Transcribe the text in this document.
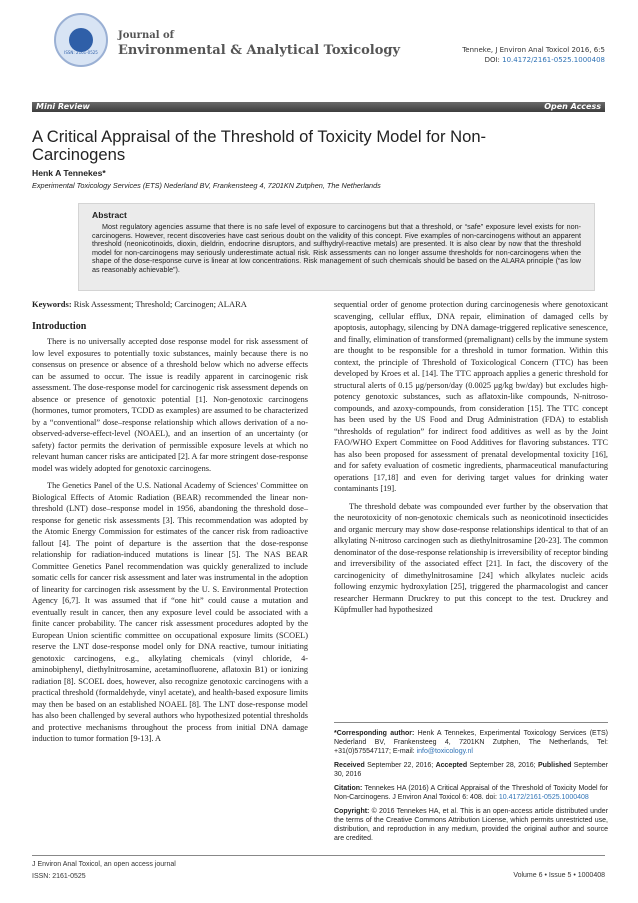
ISSN: 2161-0525
Journal of
Environmental & Analytical Toxicology	Tenneke, J Environ Anal Toxicol 2016, 6:5
DOI: 10.4172/2161-0525.1000408
Mini Review	Open Access
A Critical Appraisal of the Threshold of Toxicity Model for Non-Carcinogens
Henk A Tennekes*
Experimental Toxicology Services (ETS) Nederland BV, Frankensteeg 4, 7201KN Zutphen, The Netherlands
Abstract

Most regulatory agencies assume that there is no safe level of exposure to carcinogens but that a threshold, or “safe” exposure level exists for non-carcinogens. However, recent discoveries have cast serious doubt on the validity of this concept. Five examples of non-carcinogens without an apparent threshold (neonicotinoids, dioxin, dieldrin, endocrine disruptors, and sulfhydryl-reactive metals) are presented. It is also clear by now that the threshold model for non-carcinogens may seriously underestimate actual risk. Risk assessments can no longer assume thresholds for non-carcinogens when the shape of the dose-response curve is linear at low concentrations. Risk management of such chemicals should be based on the ALARA principle (“as low as reasonably achievable”).

Keywords: Risk Assessment; Threshold; Carcinogen; ALARA
Introduction

There is no universally accepted dose response model for risk assessment of low level exposures to potentially toxic substances, mainly because there is no consensus on presence or absence of a threshold below which no adverse effects can be assumed to occur. The issue is readily apparent in carcinogenic risk assessment. The dose-response model for carcinogenic risk assessment depends on absence or presence of genotoxic potential [1]. Non-genotoxic carcinogens (hormones, tumor promoters, TCDD as examples) are assumed to be characterized by a “conventional” dose–response relationship which allows derivation of a no-observed-adverse-effect-level (NOAEL), and an insertion of an uncertainty (or safety) factor permits the derivation of permissible exposure levels at which no relevant human cancer risks are anticipated [2]. A far more stringent dose-response model was widely adopted for genotoxic carcinogens.

The Genetics Panel of the U.S. National Academy of Sciences' Committee on Biological Effects of Atomic Radiation (BEAR) recommended the linear non-threshold (LNT) dose–response model in 1956, abandoning the threshold dose–response for genetic risk assessments [3]. This recommendation was adopted by the Atomic Energy Commission for estimates of the cancer risk from radioactive fallout [4]. The point of departure is the assertion that the dose-response relationship for radiation-induced mutations is linear [5]. The NAS BEAR Committee Genetics Panel recommendation was quickly generalized to include somatic cells for cancer risk assessment and later was instrumental in the adoption of linearity for carcinogen risk assessment by the U. S. Environmental Protection Agency [6,7]. It was assumed that if “one hit” could cause a mutation and eventually result in cancer, then any exposure level could be associated with a finite cancer probability. The cancer risk assessment procedures adopted by the European Union scientific committee on occupational exposure limits (SCOEL) reserve the LNT dose-response model only for DNA reactive, tumour initiating genotoxic carcinogens, e.g., alkylating chemicals (vinyl chloride, 4-aminobiphenyl, diethylnitrosamine, acetaminofluorene, aflatoxin B1) or ionizing radiation [8]. SCOEL does, however, also recognize genotoxic carcinogens with a practical threshold (formaldehyde, vinyl acetate), and health-based exposure limits may then be based on an established NOAEL [8]. The LNT dose-response model has also been challenged by several authors who hypothesized potential thresholds and protective mechanisms throughout the process from initial DNA damage induction to tumor formation [9-13]. A

sequential order of genome protection during carcinogenesis where genotoxicant scavenging, cellular efflux, DNA repair, elimination of damaged cells by apoptosis, autophagy, silencing by DNA damage-triggered replicative senescence, and finally, elimination of transformed (premalignant) cells by the immune system are thought to be responsible for a threshold in tumor formation. Within this context, the principle of Threshold of Toxicological Concern (TTC) has been developed by Kroes et al. [14]. The TTC approach applies a generic threshold for structural alerts of 0.15 μg/person/day (0.0025 μg/kg bw/day) but excludes high-potency genotoxic substances, such as aflatoxin-like compounds, N-nitroso-compounds, and azoxy-compounds, from consideration [15]. The TTC concept has been used by the US Food and Drug Administration (FDA) to establish “thresholds of regulation” for indirect food additives as well as by the Joint FAO/WHO Expert Committee on Food Additives for flavoring substances. TTC has also been proposed for assessment of prenatal developmental toxicity [16], and for safety evaluation of cosmetic ingredients, pharmaceutical manufacturing operations [17,18] and even for deriving target values for drinking water contaminants [19].

The threshold debate was compounded ever further by the observation that the neurotoxicity of non-genotoxic chemicals such as neonicotinoid insecticides and organic mercury may show dose-response relationships identical to that of an alkylating N-nitroso carcinogen such as diethylnitrosamine [20-23]. The common denominator of the dose-response relationship is irreversibility of receptor binding and irreversibility of the associated effect [21]. In fact, the discovery of the carcinogenicity of dimethylnitrosamine [24] which alkylates nucleic acids following enzymic hydroxylation [25], triggered the pharmacologist and cancer researcher Hermann Druckrey to put this concept to the test. Druckrey and Küpfmuller had hypothesized

*Corresponding author: Henk A Tennekes, Experimental Toxicology Services (ETS) Nederland BV, Frankensteeg 4, 7201KN Zutphen, The Netherlands, Tel: +31(0)575547117; E-mail: info@toxicology.nl

Received September 22, 2016; Accepted September 28, 2016; Published September 30, 2016

Citation: Tennekes HA (2016) A Critical Appraisal of the Threshold of Toxicity Model for Non-Carcinogens. J Environ Anal Toxicol 6: 408. doi: 10.4172/2161-0525.1000408

Copyright: © 2016 Tennekes HA, et al. This is an open-access article distributed under the terms of the Creative Commons Attribution License, which permits unrestricted use, distribution, and reproduction in any medium, provided the original author and source are credited.

J Environ Anal Toxicol, an open access journal
ISSN: 2161-0525	Volume 6 • Issue 5 • 1000408
